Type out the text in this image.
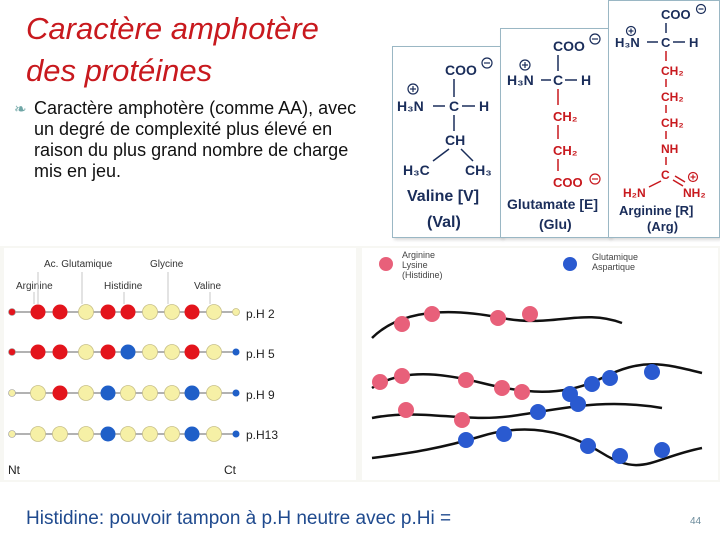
Caractère amphotère
des protéines
❧ Caractère amphotère (comme AA), avec un degré de complexité plus élevé en raison du plus grand nombre de charge mis en jeu.
COO
H₃N C H
CH
H₃C	CH₃
Valine [V]
(Val)
COO
H₃N C H
CH₂
CH₂
COO
Glutamate [E]
(Glu)
COO
H₃N C H
CH₂
CH₂
CH₂
NH
C
H₂N	NH₂
Arginine [R]
(Arg)
Ac. Glutamique	Glycine
Arginine	Histidine	Valine
p.H 2
p.H 5
p.H 9
p.H13
Nt	Ct
Arginine
Lysine
(Histidine)
Glutamique
Aspartique
Histidine: pouvoir tampon à p.H neutre avec p.Hi =	44
